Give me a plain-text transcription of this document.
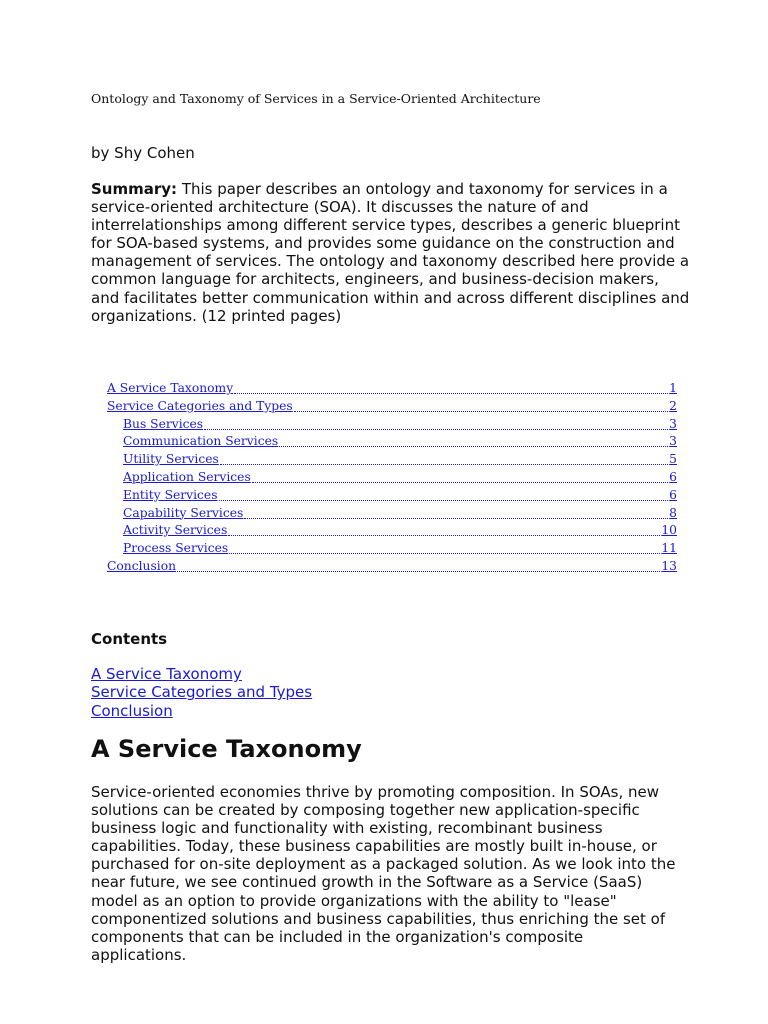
Ontology and Taxonomy of Services in a Service-Oriented Architecture
by Shy Cohen

Summary: This paper describes an ontology and taxonomy for services in a service-oriented architecture (SOA). It discusses the nature of and interrelationships among different service types, describes a generic blueprint for SOA-based systems, and provides some guidance on the construction and management of services. The ontology and taxonomy described here provide a common language for architects, engineers, and business-decision makers, and facilitates better communication within and across different disciplines and organizations. (12 printed pages)

A Service Taxonomy	1
Service Categories and Types	2
Bus Services	3
Communication Services	3
Utility Services	5
Application Services	6
Entity Services	6
Capability Services	8
Activity Services	10
Process Services	11
Conclusion	13
Contents
A Service Taxonomy
Service Categories and Types
Conclusion
A Service Taxonomy

Service-oriented economies thrive by promoting composition. In SOAs, new solutions can be created by composing together new application-specific business logic and functionality with existing, recombinant business capabilities. Today, these business capabilities are mostly built in-house, or purchased for on-site deployment as a packaged solution. As we look into the near future, we see continued growth in the Software as a Service (SaaS) model as an option to provide organizations with the ability to "lease" componentized solutions and business capabilities, thus enriching the set of components that can be included in the organization's composite applications.
